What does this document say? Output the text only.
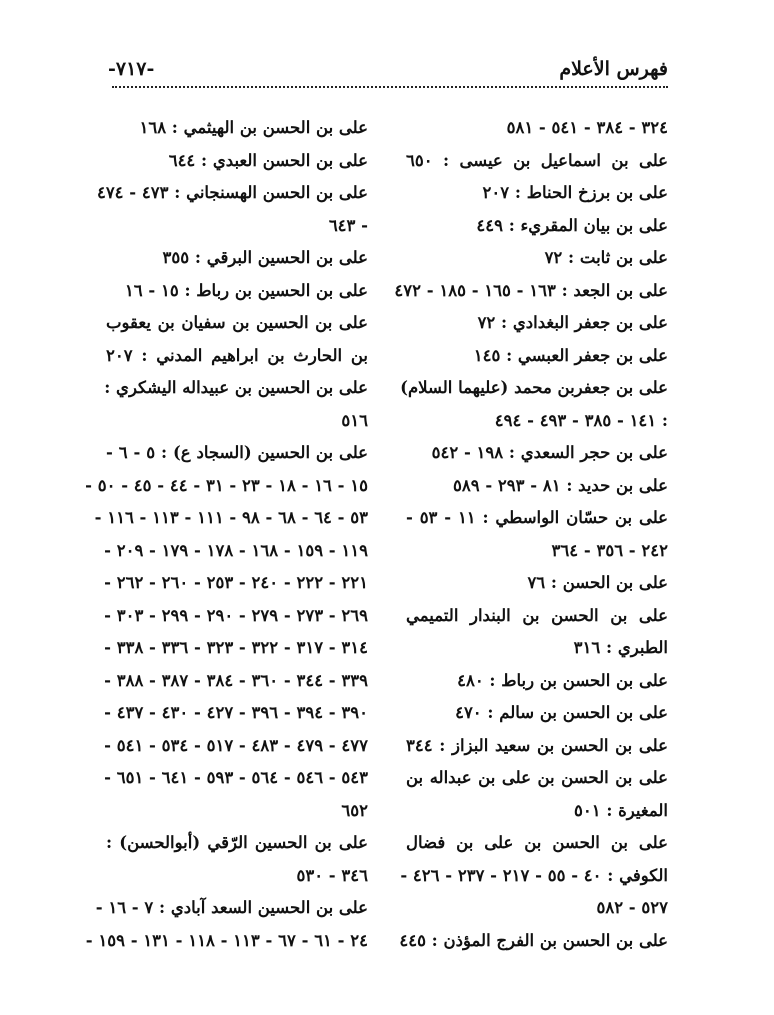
فهرس الأعلام
-٧١٧-
٣٢٤ - ٣٨٤ - ٥٤١ - ٥٨١
على بن اسماعيل بن عيسى : ٦٥٠
على بن برزخ الحناط : ٢٠٧
على بن بيان المقريء : ٤٤٩
على بن ثابت : ٧٢
على بن الجعد : ١٦٣ - ١٦٥ - ١٨٥ - ٤٧٢
على بن جعفر البغدادي : ٧٢
على بن جعفر العبسي : ١٤٥
على بن جعفربن محمد (عليهما السلام)
: ١٤١ - ٣٨٥ - ٤٩٣ - ٤٩٤
على بن حجر السعدي : ١٩٨ - ٥٤٢
على بن حديد : ٨١ - ٢٩٣ - ٥٨٩
على بن حسّان الواسطي : ١١ - ٥٣ -
٢٤٢ - ٣٥٦ - ٣٦٤
على بن الحسن : ٧٦
على بن الحسن بن البندار التميمي
الطبري : ٣١٦
على بن الحسن بن رباط : ٤٨٠
على بن الحسن بن سالم : ٤٧٠
على بن الحسن بن سعيد البزاز : ٣٤٤
على بن الحسن بن على بن عبداله بن
المغيرة : ٥٠١
على بن الحسن بن على بن فضال
الكوفي : ٤٠ - ٥٥ - ٢١٧ - ٢٣٧ - ٤٢٦ -
٥٢٧ - ٥٨٢
على بن الحسن بن الفرج المؤذن : ٤٤٥
على بن الحسن بن الهيثمي : ١٦٨
على بن الحسن العبدي : ٦٤٤
على بن الحسن الهسنجاني : ٤٧٣ - ٤٧٤
- ٦٤٣
على بن الحسين البرقي : ٣٥٥
على بن الحسين بن رباط : ١٥ - ١٦
على بن الحسين بن سفيان بن يعقوب
بن الحارث بن ابراهيم المدني : ٢٠٧
على بن الحسين بن عبيداله اليشكري :
٥١٦
على بن الحسين (السجاد ع) : ٥ - ٦ -
١٥ - ١٦ - ١٨ - ٢٣ - ٣١ - ٤٤ - ٤٥ - ٥٠ -
٥٣ - ٦٤ - ٦٨ - ٩٨ - ١١١ - ١١٣ - ١١٦ -
١١٩ - ١٥٩ - ١٦٨ - ١٧٨ - ١٧٩ - ٢٠٩ -
٢٢١ - ٢٢٢ - ٢٤٠ - ٢٥٣ - ٢٦٠ - ٢٦٢ -
٢٦٩ - ٢٧٣ - ٢٧٩ - ٢٩٠ - ٢٩٩ - ٣٠٣ -
٣١٤ - ٣١٧ - ٣٢٢ - ٣٢٣ - ٣٣٦ - ٣٣٨ -
٣٣٩ - ٣٤٤ - ٣٦٠ - ٣٨٤ - ٣٨٧ - ٣٨٨ -
٣٩٠ - ٣٩٤ - ٣٩٦ - ٤٢٧ - ٤٣٠ - ٤٣٧ -
٤٧٧ - ٤٧٩ - ٤٨٣ - ٥١٧ - ٥٣٤ - ٥٤١ -
٥٤٣ - ٥٤٦ - ٥٦٤ - ٥٩٣ - ٦٤١ - ٦٥١ -
٦٥٢
على بن الحسين الرّقي (أبوالحسن) :
٣٤٦ - ٥٣٠
على بن الحسين السعد آبادي : ٧ - ١٦ -
٢٤ - ٦١ - ٦٧ - ١١٣ - ١١٨ - ١٣١ - ١٥٩ -
